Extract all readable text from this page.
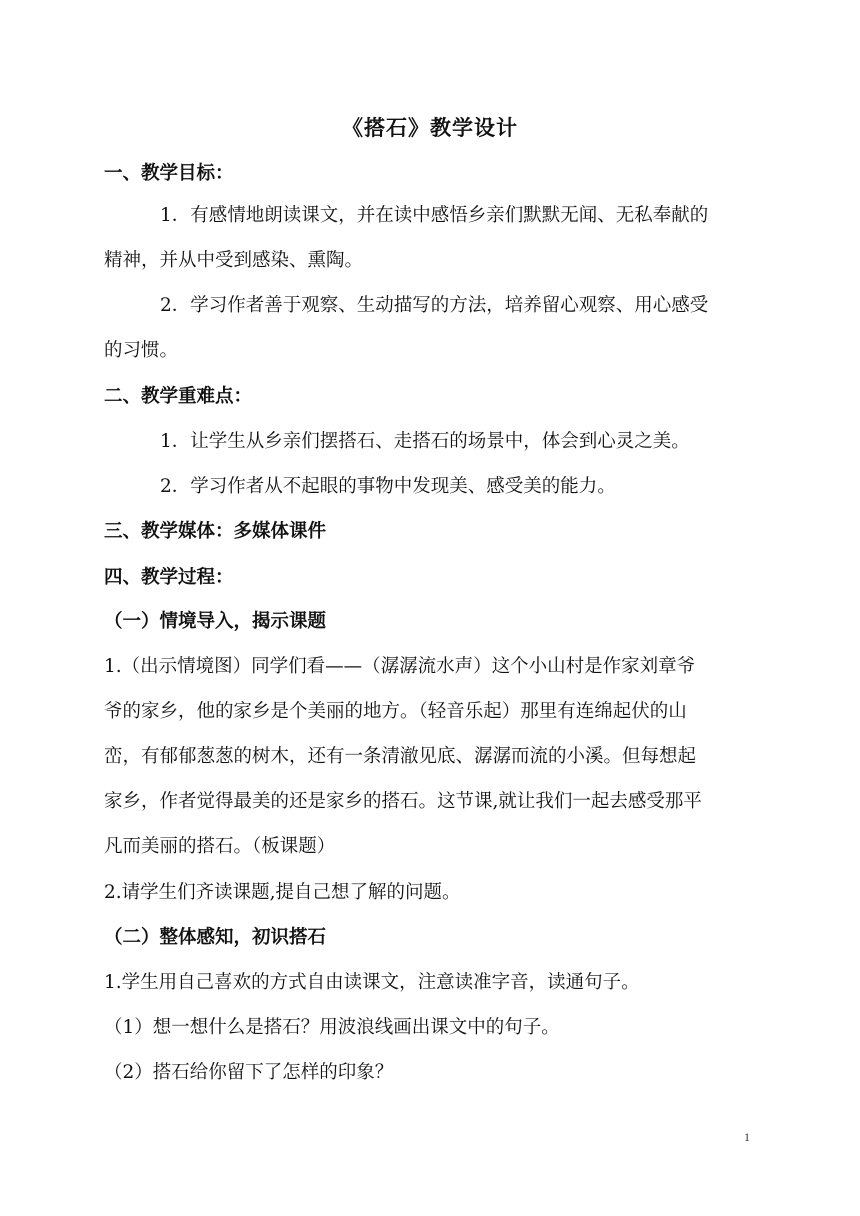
《搭石》教学设计
一、教学目标：
1．有感情地朗读课文，并在读中感悟乡亲们默默无闻、无私奉献的
精神，并从中受到感染、熏陶。
2．学习作者善于观察、生动描写的方法，培养留心观察、用心感受
的习惯。
二、教学重难点：
1．让学生从乡亲们摆搭石、走搭石的场景中，体会到心灵之美。
2．学习作者从不起眼的事物中发现美、感受美的能力。
三、教学媒体：多媒体课件
四、教学过程：
（一）情境导入，揭示课题
1.（出示情境图）同学们看——（潺潺流水声）这个小山村是作家刘章爷
爷的家乡，他的家乡是个美丽的地方。（轻音乐起）那里有连绵起伏的山
峦，有郁郁葱葱的树木，还有一条清澈见底、潺潺而流的小溪。但每想起
家乡，作者觉得最美的还是家乡的搭石。这节课,就让我们一起去感受那平
凡而美丽的搭石。（板课题）
2.请学生们齐读课题,提自己想了解的问题。
（二）整体感知，初识搭石
1.学生用自己喜欢的方式自由读课文，注意读准字音，读通句子。
（1）想一想什么是搭石？用波浪线画出课文中的句子。
（2）搭石给你留下了怎样的印象？
1
